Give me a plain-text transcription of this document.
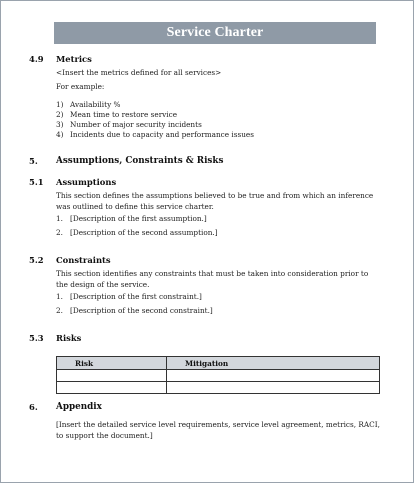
Service Charter
4.9 Metrics
<Insert the metrics defined for all services>
For example:
1) Availability %
2) Mean time to restore service
3) Number of major security incidents
4) Incidents due to capacity and performance issues
5. Assumptions, Constraints & Risks
5.1 Assumptions
This section defines the assumptions believed to be true and from which an inference was outlined to define this service charter.
1. [Description of the first assumption.]
2. [Description of the second assumption.]
5.2 Constraints
This section identifies any constraints that must be taken into consideration prior to the design of the service.
1. [Description of the first constraint.]
2. [Description of the second constraint.]
5.3 Risks
Risk	Mitigation

6. Appendix
[Insert the detailed service level requirements, service level agreement, metrics, RACI, to support the document.]
